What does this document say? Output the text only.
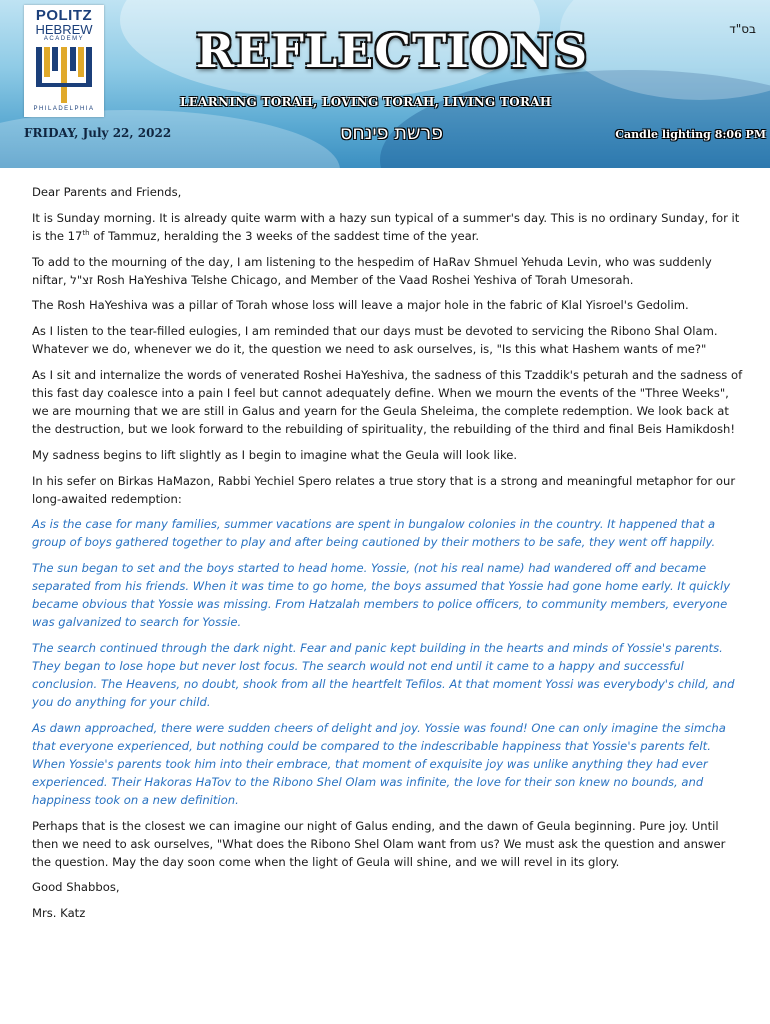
POLITZ
HEBREW
ACADEMY
PHILADELPHIA
בס"ד
REFLECTIONS
LEARNING TORAH, LOVING TORAH, LIVING TORAH
FRIDAY, July 22, 2022	פרשת פינחס	Candle lighting 8:06 PM

Dear Parents and Friends,

It is Sunday morning. It is already quite warm with a hazy sun typical of a summer's day. This is no ordinary Sunday, for it is the 17th of Tammuz, heralding the 3 weeks of the saddest time of the year.

To add to the mourning of the day, I am listening to the hespedim of HaRav Shmuel Yehuda Levin, who was suddenly niftar, זצ"ל Rosh HaYeshiva Telshe Chicago, and Member of the Vaad Roshei Yeshiva of Torah Umesorah.

The Rosh HaYeshiva was a pillar of Torah whose loss will leave a major hole in the fabric of Klal Yisroel's Gedolim.

As I listen to the tear-filled eulogies, I am reminded that our days must be devoted to servicing the Ribono Shal Olam. Whatever we do, whenever we do it, the question we need to ask ourselves, is, "Is this what Hashem wants of me?"

As I sit and internalize the words of venerated Roshei HaYeshiva, the sadness of this Tzaddik's peturah and the sadness of this fast day coalesce into a pain I feel but cannot adequately define. When we mourn the events of the "Three Weeks", we are mourning that we are still in Galus and yearn for the Geula Sheleima, the complete redemption. We look back at the destruction, but we look forward to the rebuilding of spirituality, the rebuilding of the third and final Beis Hamikdosh!

My sadness begins to lift slightly as I begin to imagine what the Geula will look like.

In his sefer on Birkas HaMazon, Rabbi Yechiel Spero relates a true story that is a strong and meaningful metaphor for our long-awaited redemption:

As is the case for many families, summer vacations are spent in bungalow colonies in the country. It happened that a group of boys gathered together to play and after being cautioned by their mothers to be safe, they went off happily.

The sun began to set and the boys started to head home. Yossie, (not his real name) had wandered off and became separated from his friends. When it was time to go home, the boys assumed that Yossie had gone home early. It quickly became obvious that Yossie was missing. From Hatzalah members to police officers, to community members, everyone was galvanized to search for Yossie.

The search continued through the dark night. Fear and panic kept building in the hearts and minds of Yossie's parents. They began to lose hope but never lost focus. The search would not end until it came to a happy and successful conclusion. The Heavens, no doubt, shook from all the heartfelt Tefilos. At that moment Yossi was everybody's child, and you do anything for your child.

As dawn approached, there were sudden cheers of delight and joy. Yossie was found! One can only imagine the simcha that everyone experienced, but nothing could be compared to the indescribable happiness that Yossie's parents felt. When Yossie's parents took him into their embrace, that moment of exquisite joy was unlike anything they had ever experienced. Their Hakoras HaTov to the Ribono Shel Olam was infinite, the love for their son knew no bounds, and happiness took on a new definition.

Perhaps that is the closest we can imagine our night of Galus ending, and the dawn of Geula beginning. Pure joy. Until then we need to ask ourselves, "What does the Ribono Shel Olam want from us? We must ask the question and answer the question. May the day soon come when the light of Geula will shine, and we will revel in its glory.

Good Shabbos,

Mrs. Katz
